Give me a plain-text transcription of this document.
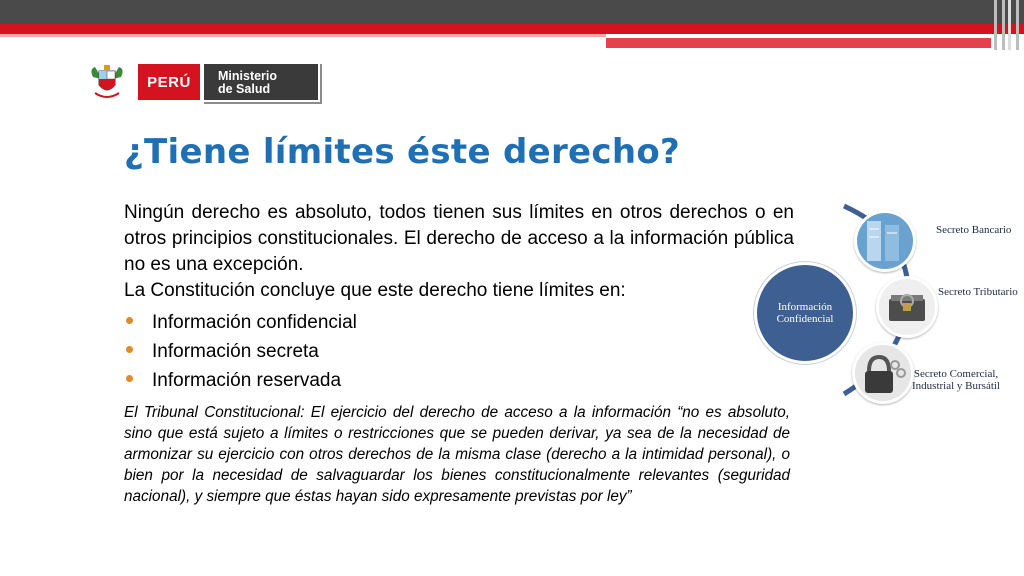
PERÚ	Ministerio
de Salud
¿Tiene límites éste derecho?
Ningún derecho es absoluto, todos tienen sus límites en otros derechos o en otros principios constitucionales. El derecho de acceso a la información pública no es una excepción.
La Constitución concluye que este derecho tiene límites en:
Información confidencial
Información secreta
Información reservada
El Tribunal Constitucional: El ejercicio del derecho de acceso a la información “no es absoluto, sino que está sujeto a límites o restricciones que se pueden derivar, ya sea de la necesidad de armonizar su ejercicio con otros derechos de la misma clase (derecho a la intimidad personal), o bien por la necesidad de salvaguardar los bienes constitucionalmente relevantes (seguridad nacional), y siempre que éstas hayan sido expresamente previstas por ley”
Información Confidencial
Secreto Bancario
Secreto Tributario
Secreto Comercial, Industrial y Bursátil
